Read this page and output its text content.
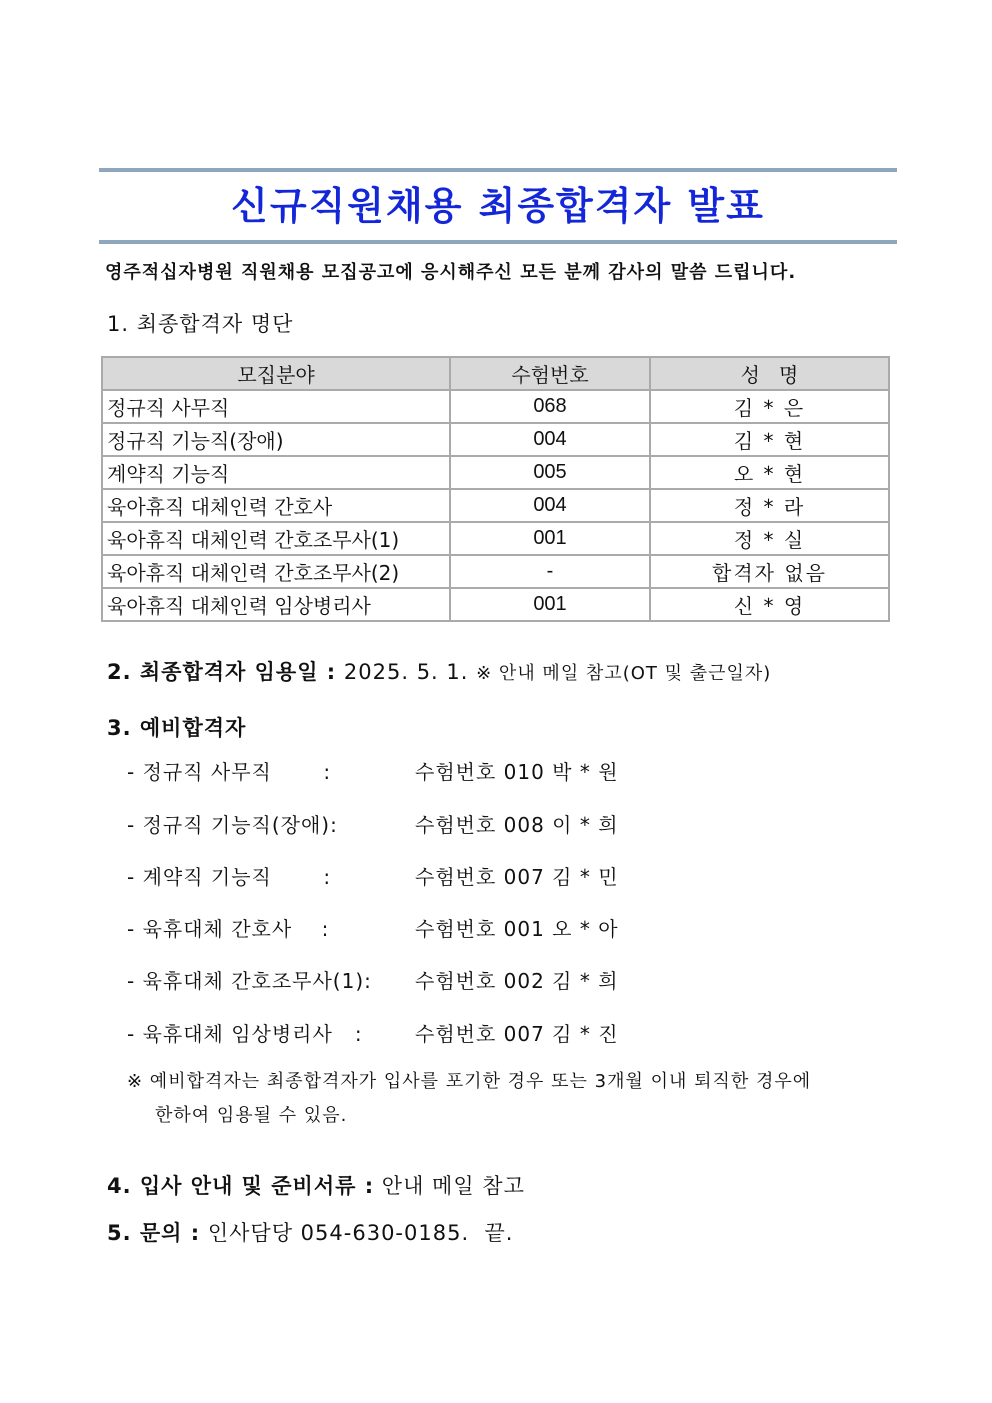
신규직원채용 최종합격자 발표
영주적십자병원 직원채용 모집공고에 응시해주신 모든 분께 감사의 말씀 드립니다.
1. 최종합격자 명단
모집분야	수험번호	성   명
정규직 사무직	068	김 * 은
정규직 기능직(장애)	004	김 * 현
계약직 기능직	005	오 * 현
육아휴직 대체인력 간호사	004	정 * 라
육아휴직 대체인력 간호조무사(1)	001	정 * 실
육아휴직 대체인력 간호조무사(2)	-	합격자 없음
육아휴직 대체인력 임상병리사	001	신 * 영
2. 최종합격자 임용일 : 2025. 5. 1. ※ 안내 메일 참고(OT 및 출근일자)
3. 예비합격자
- 정규직 사무직       :	수험번호 010 박 * 원
- 정규직 기능직(장애):	수험번호 008 이 * 희
- 계약직 기능직       :	수험번호 007 김 * 민
- 육휴대체 간호사    :	수험번호 001 오 * 아
- 육휴대체 간호조무사(1): 수험번호 002 김 * 희
- 육휴대체 임상병리사   :	수험번호 007 김 * 진
※ 예비합격자는 최종합격자가 입사를 포기한 경우 또는 3개월 이내 퇴직한 경우에
한하여 임용될 수 있음.
4. 입사 안내 및 준비서류 : 안내 메일 참고
5. 문의 : 인사담당 054-630-0185.  끝.
